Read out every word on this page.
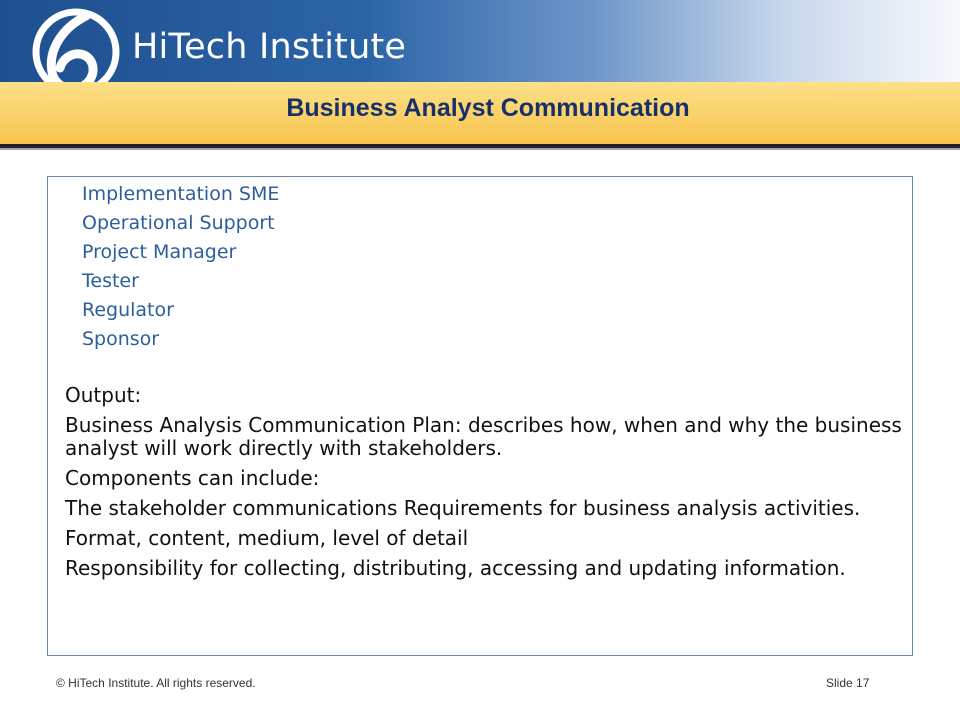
HiTech Institute
Business Analyst Communication
Implementation SME
Operational Support
Project Manager
Tester
Regulator
Sponsor

Output:

Business Analysis Communication Plan: describes how, when and why the business analyst will work directly with stakeholders.

Components can include:

The stakeholder communications Requirements for business analysis activities.

Format, content, medium, level of detail

Responsibility for collecting, distributing, accessing and updating information.

© HiTech Institute. All rights reserved.	Slide 17
